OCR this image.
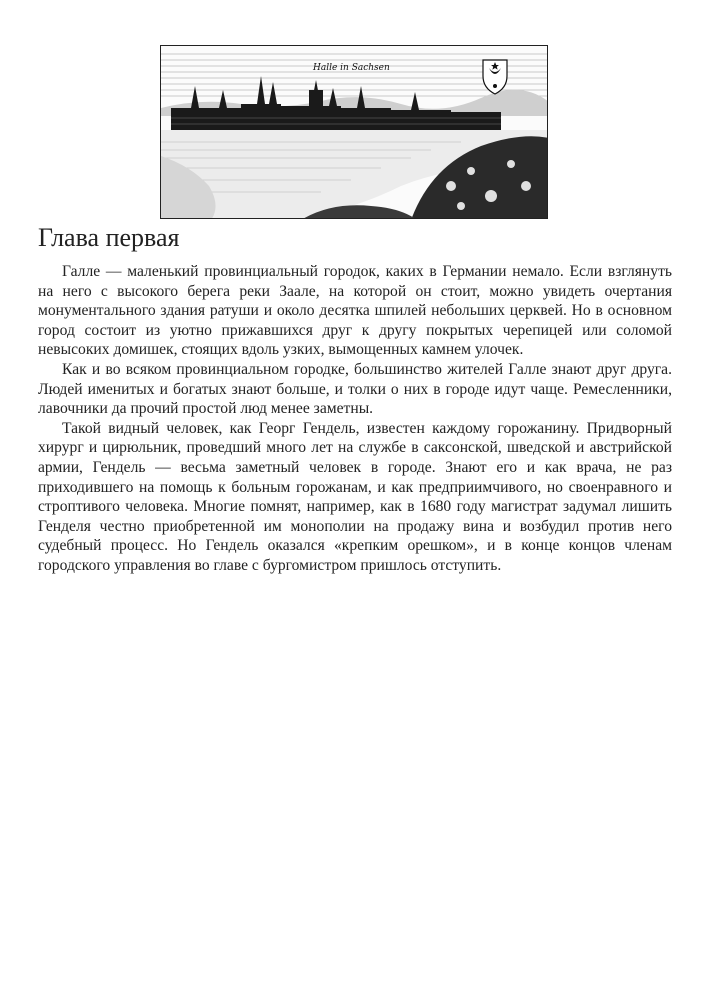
Halle in Sachsen
Глава первая

Галле — маленький провинциальный городок, каких в Германии немало. Если взглянуть на него с высокого берега реки Заале, на которой он стоит, можно увидеть очертания монументального здания ратуши и около десятка шпилей небольших церквей. Но в основном город состоит из уютно прижавшихся друг к другу покрытых черепицей или соломой невысоких домишек, стоящих вдоль узких, вымощенных камнем улочек.

Как и во всяком провинциальном городке, большинство жителей Галле знают друг друга. Людей именитых и богатых знают больше, и толки о них в городе идут чаще. Ремесленники, лавочники да прочий простой люд менее заметны.

Такой видный человек, как Георг Гендель, известен каждому горожанину. Придворный хирург и цирюльник, проведший много лет на службе в саксонской, шведской и австрийской армии, Гендель — весьма заметный человек в городе. Знают его и как врача, не раз приходившего на помощь к больным горожанам, и как предприимчивого, но своенравного и строптивого человека. Многие помнят, например, как в 1680 году магистрат задумал лишить Генделя честно приобретенной им монополии на продажу вина и возбудил против него судебный процесс. Но Гендель оказался «крепким орешком», и в конце концов членам городского управления во главе с бургомистром пришлось отступить.
